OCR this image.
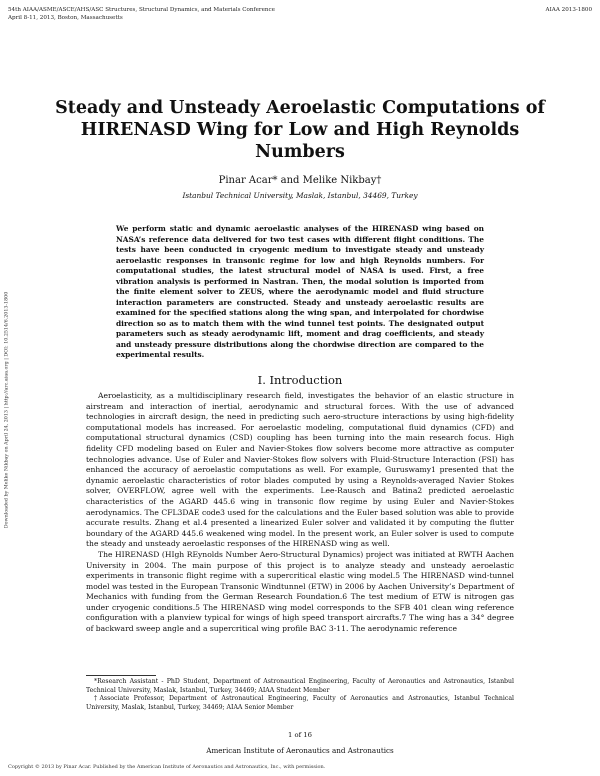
54th AIAA/ASME/ASCE/AHS/ASC Structures, Structural Dynamics, and Materials Conference
April 8-11, 2013, Boston, Massachusetts
AIAA 2013-1800
Downloaded by Melike Nikbay on April 24, 2013 | http://arc.aiaa.org | DOI: 10.2514/6.2013-1800
Steady and Unsteady Aeroelastic Computations of HIRENASD Wing for Low and High Reynolds Numbers
Pinar Acar* and Melike Nikbay†
Istanbul Technical University, Maslak, Istanbul, 34469, Turkey
We perform static and dynamic aeroelastic analyses of the HIRENASD wing based on NASA’s reference data delivered for two test cases with different flight conditions. The tests have been conducted in cryogenic medium to investigate steady and unsteady aeroelastic responses in transonic regime for low and high Reynolds numbers. For computational studies, the latest structural model of NASA is used. First, a free vibration analysis is performed in Nastran. Then, the modal solution is imported from the finite element solver to ZEUS, where the aerodynamic model and fluid structure interaction parameters are constructed. Steady and unsteady aeroelastic results are examined for the specified stations along the wing span, and interpolated for chordwise direction so as to match them with the wind tunnel test points. The designated output parameters such as steady aerodynamic lift, moment and drag coefficients, and steady and unsteady pressure distributions along the chordwise direction are compared to the experimental results.
I. Introduction

Aeroelasticity, as a multidisciplinary research field, investigates the behavior of an elastic structure in airstream and interaction of inertial, aerodynamic and structural forces. With the use of advanced technologies in aircraft design, the need in predicting such aero-structure interactions by using high-fidelity computational models has increased. For aeroelastic modeling, computational fluid dynamics (CFD) and computational structural dynamics (CSD) coupling has been turning into the main research focus. High fidelity CFD modeling based on Euler and Navier-Stokes flow solvers become more attractive as computer technologies advance. Use of Euler and Navier-Stokes flow solvers with Fluid-Structure Interaction (FSI) has enhanced the accuracy of aeroelastic computations as well. For example, Guruswamy1 presented that the dynamic aeroelastic characteristics of rotor blades computed by using a Reynolds-averaged Navier Stokes solver, OVERFLOW, agree well with the experiments. Lee-Rausch and Batina2 predicted aeroelastic characteristics of the AGARD 445.6 wing in transonic flow regime by using Euler and Navier-Stokes aerodynamics. The CFL3DAE code3 used for the calculations and the Euler based solution was able to provide accurate results. Zhang et al.4 presented a linearized Euler solver and validated it by computing the flutter boundary of the AGARD 445.6 weakened wing model. In the present work, an Euler solver is used to compute the steady and unsteady aeroelastic responses of the HIRENASD wing as well.

The HIRENASD (HIgh REynolds Number Aero-Structural Dynamics) project was initiated at RWTH Aachen University in 2004. The main purpose of this project is to analyze steady and unsteady aeroelastic experiments in transonic flight regime with a supercritical elastic wing model.5 The HIRENASD wind-tunnel model was tested in the European Transonic Windtunnel (ETW) in 2006 by Aachen University’s Department of Mechanics with funding from the German Research Foundation.6 The test medium of ETW is nitrogen gas under cryogenic conditions.5 The HIRENASD wing model corresponds to the SFB 401 clean wing reference configuration with a planview typical for wings of high speed transport aircrafts.7 The wing has a 34° degree of backward sweep angle and a supercritical wing profile BAC 3-11. The aerodynamic reference

*Research Assistant - PhD Student, Department of Astronautical Engineering, Faculty of Aeronautics and Astronautics, Istanbul Technical University, Maslak, Istanbul, Turkey, 34469; AIAA Student Member

†Associate Professor, Department of Astronautical Engineering, Faculty of Aeronautics and Astronautics, Istanbul Technical University, Maslak, Istanbul, Turkey, 34469; AIAA Senior Member

1 of 16
American Institute of Aeronautics and Astronautics
Copyright © 2013 by Pinar Acar. Published by the American Institute of Aeronautics and Astronautics, Inc., with permission.
